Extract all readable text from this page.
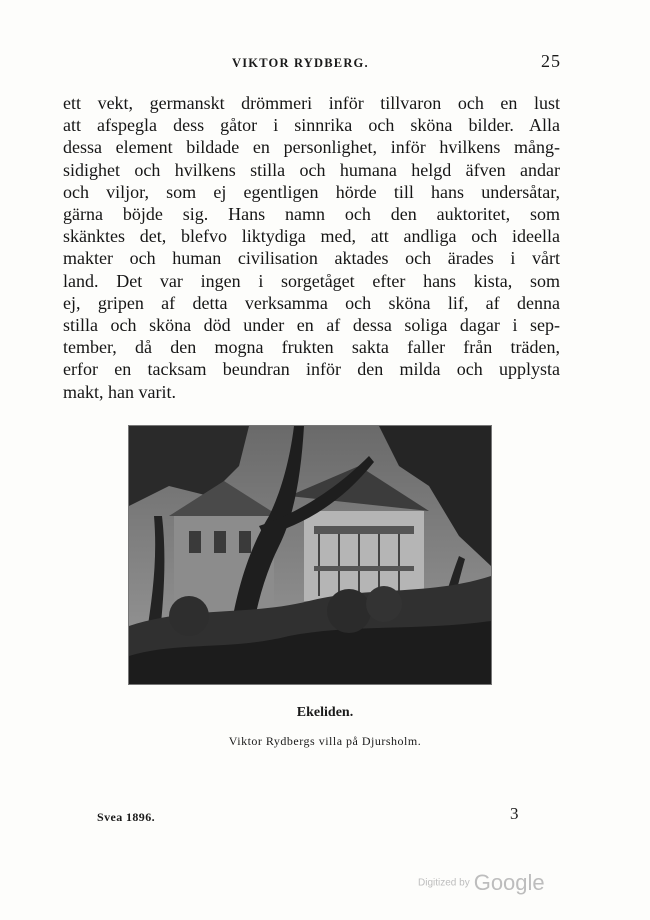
VIKTOR RYDBERG.	25

ett vekt, germanskt drömmeri inför tillvaron och en lust
att afspegla dess gåtor i sinnrika och sköna bilder. Alla
dessa element bildade en personlighet, inför hvilkens mång-
sidighet och hvilkens stilla och humana helgd äfven andar
och viljor, som ej egentligen hörde till hans undersåtar,
gärna böjde sig. Hans namn och den auktoritet, som
skänktes det, blefvo liktydiga med, att andliga och ideella
makter och human civilisation aktades och ärades i vårt
land. Det var ingen i sorgetåget efter hans kista, som
ej, gripen af detta verksamma och sköna lif, af denna
stilla och sköna död under en af dessa soliga dagar i sep-
tember, då den mogna frukten sakta faller från träden,
erfor en tacksam beundran inför den milda och upplysta
makt, han varit.

Ekeliden.
Viktor Rydbergs villa på Djursholm.
Svea 1896.	3
Digitized by Google
